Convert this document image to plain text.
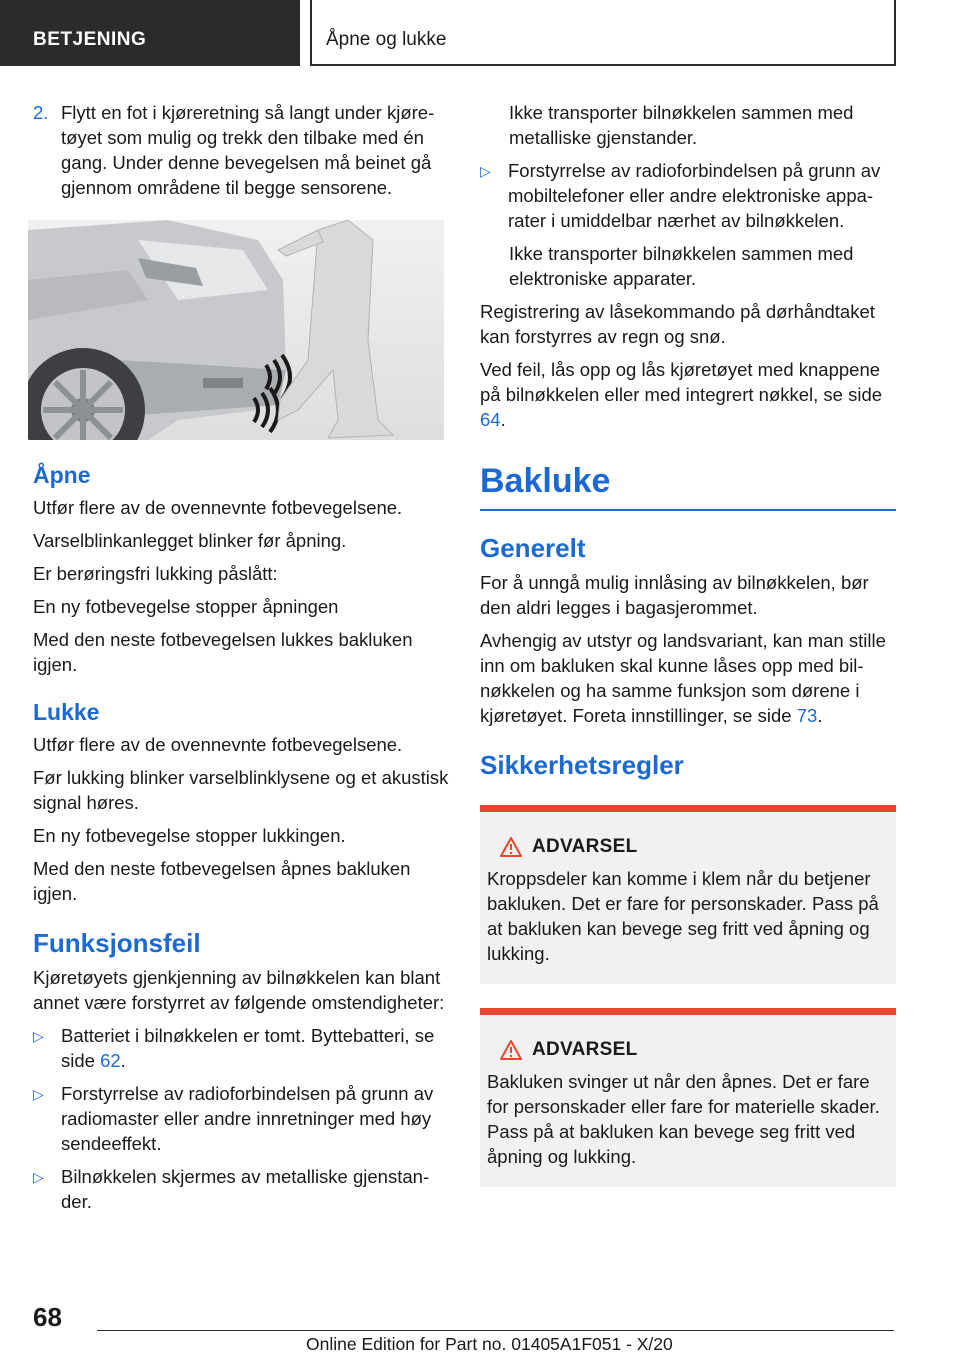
BETJENING	Åpne og lukke
2. Flytt en fot i kjøreretning så langt under kjøretøyet som mulig og trekk den tilbake med én gang. Under denne bevegelsen må beinet gå gjennom områdene til begge sensorene.
Åpne

Utfør flere av de ovennevnte fotbevegelsene.

Varselblinkanlegget blinker før åpning.

Er berøringsfri lukking påslått:

En ny fotbevegelse stopper åpningen

Med den neste fotbevegelsen lukkes bakluken igjen.

Lukke

Utfør flere av de ovennevnte fotbevegelsene.

Før lukking blinker varselblinklysene og et akustisk signal høres.

En ny fotbevegelse stopper lukkingen.

Med den neste fotbevegelsen åpnes bakluken igjen.

Funksjonsfeil

Kjøretøyets gjenkjenning av bilnøkkelen kan blant annet være forstyrret av følgende omstendigheter:

▷ Batteriet i bilnøkkelen er tomt. Byttebatteri, se side 62.
▷ Forstyrrelse av radioforbindelsen på grunn av radiomaster eller andre innretninger med høy sendeeffekt.
▷ Bilnøkkelen skjermes av metalliske gjenstander.

Ikke transporter bilnøkkelen sammen med metalliske gjenstander.

▷ Forstyrrelse av radioforbindelsen på grunn av mobiltelefoner eller andre elektroniske apparater i umiddelbar nærhet av bilnøkkelen.

Ikke transporter bilnøkkelen sammen med elektroniske apparater.

Registrering av låsekommando på dørhåndtaket kan forstyrres av regn og snø.

Ved feil, lås opp og lås kjøretøyet med knappene på bilnøkkelen eller med integrert nøkkel, se side 64.

Bakluke
Generelt

For å unngå mulig innlåsing av bilnøkkelen, bør den aldri legges i bagasjerommet.

Avhengig av utstyr og landsvariant, kan man stille inn om bakluken skal kunne låses opp med bilnøkkelen og ha samme funksjon som dørene i kjøretøyet. Foreta innstillinger, se side 73.

Sikkerhetsregler
ADVARSEL

Kroppsdeler kan komme i klem når du betjener bakluken. Det er fare for personskader. Pass på at bakluken kan bevege seg fritt ved åpning og lukking.

ADVARSEL

Bakluken svinger ut når den åpnes. Det er fare for personskader eller fare for materielle skader. Pass på at bakluken kan bevege seg fritt ved åpning og lukking.

68
Online Edition for Part no. 01405A1F051 - X/20
